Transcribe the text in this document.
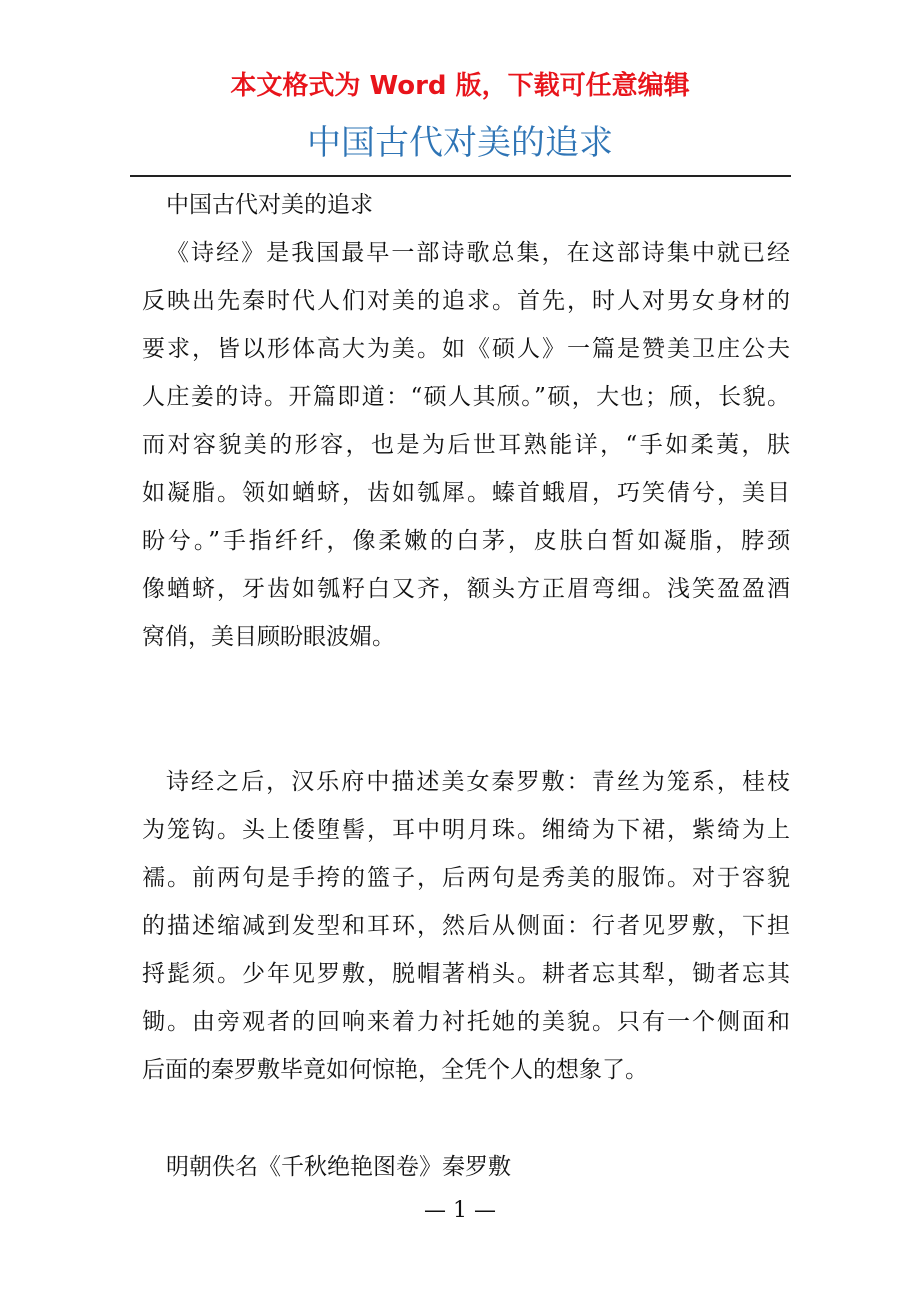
本文格式为 Word 版，下载可任意编辑
中国古代对美的追求
中国古代对美的追求
《诗经》是我国最早一部诗歌总集，在这部诗集中就已经
反映出先秦时代人们对美的追求。首先，时人对男女身材的
要求，皆以形体高大为美。如《硕人》一篇是赞美卫庄公夫
人庄姜的诗。开篇即道：“硕人其颀。”硕，大也；颀，长貌。
而对容貌美的形容，也是为后世耳熟能详，“手如柔荑，肤
如凝脂。领如蝤蛴，齿如瓠犀。螓首蛾眉，巧笑倩兮，美目
盼兮。”手指纤纤，像柔嫩的白茅，皮肤白皙如凝脂，脖颈
像蝤蛴，牙齿如瓠籽白又齐，额头方正眉弯细。浅笑盈盈酒
窝俏，美目顾盼眼波媚。
诗经之后，汉乐府中描述美女秦罗敷：青丝为笼系，桂枝
为笼钩。头上倭堕髻，耳中明月珠。缃绮为下裙，紫绮为上
襦。前两句是手挎的篮子，后两句是秀美的服饰。对于容貌
的描述缩减到发型和耳环，然后从侧面：行者见罗敷，下担
捋髭须。少年见罗敷，脱帽著梢头。耕者忘其犁，锄者忘其
锄。由旁观者的回响来着力衬托她的美貌。只有一个侧面和
后面的秦罗敷毕竟如何惊艳，全凭个人的想象了。
明朝佚名《千秋绝艳图卷》秦罗敷
— 1 —
